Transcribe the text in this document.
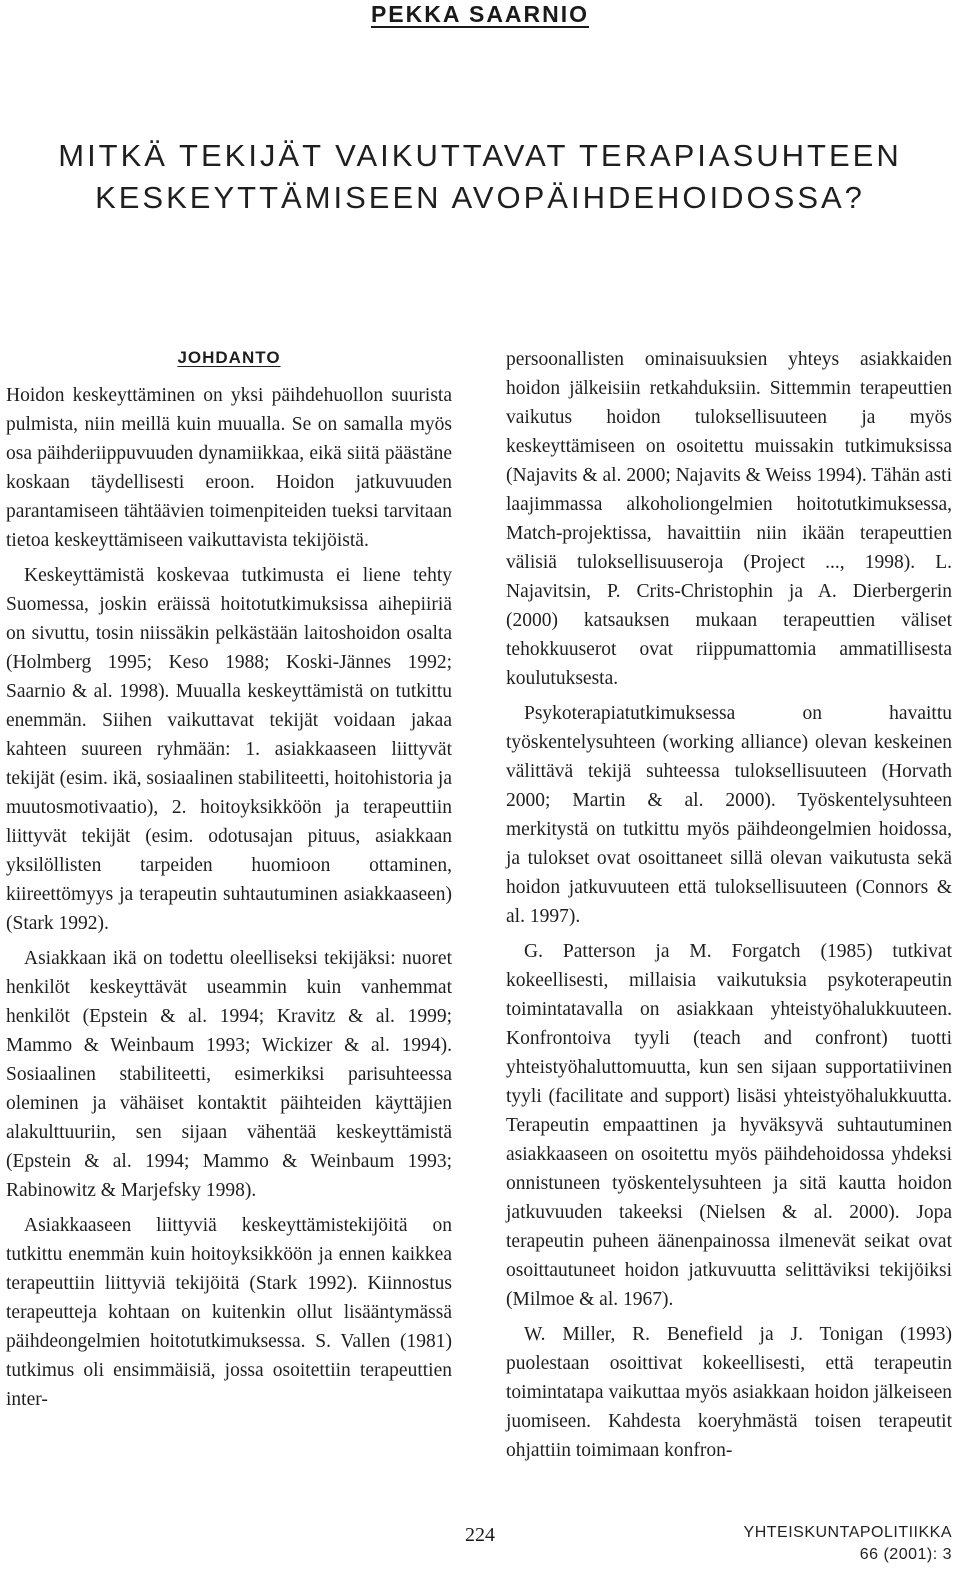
PEKKA SAARNIO
MITKÄ TEKIJÄT VAIKUTTAVAT TERAPIASUHTEEN
KESKEYTTÄMISEEN AVOPÄIHDEHOIDOSSA?
JOHDANTO

Hoidon keskeyttäminen on yksi päihdehuollon suurista pulmista, niin meillä kuin muualla. Se on samalla myös osa päihderiippuvuuden dynamiikkaa, eikä siitä päästäne koskaan täydellisesti eroon. Hoidon jatkuvuuden parantamiseen tähtäävien toimenpiteiden tueksi tarvitaan tietoa keskeyttämiseen vaikuttavista tekijöistä.

Keskeyttämistä koskevaa tutkimusta ei liene tehty Suomessa, joskin eräissä hoitotutkimuksissa aihepiiriä on sivuttu, tosin niissäkin pelkästään laitoshoidon osalta (Holmberg 1995; Keso 1988; Koski-Jännes 1992; Saarnio & al. 1998). Muualla keskeyttämistä on tutkittu enemmän. Siihen vaikuttavat tekijät voidaan jakaa kahteen suureen ryhmään: 1. asiakkaaseen liittyvät tekijät (esim. ikä, sosiaalinen stabiliteetti, hoitohistoria ja muutosmotivaatio), 2. hoitoyksikköön ja terapeuttiin liittyvät tekijät (esim. odotusajan pituus, asiakkaan yksilöllisten tarpeiden huomioon ottaminen, kiireettömyys ja terapeutin suhtautuminen asiakkaaseen) (Stark 1992).

Asiakkaan ikä on todettu oleelliseksi tekijäksi: nuoret henkilöt keskeyttävät useammin kuin vanhemmat henkilöt (Epstein & al. 1994; Kravitz & al. 1999; Mammo & Weinbaum 1993; Wickizer & al. 1994). Sosiaalinen stabiliteetti, esimerkiksi parisuhteessa oleminen ja vähäiset kontaktit päihteiden käyttäjien alakulttuuriin, sen sijaan vähentää keskeyttämistä (Epstein & al. 1994; Mammo & Weinbaum 1993; Rabinowitz & Marjefsky 1998).

Asiakkaaseen liittyviä keskeyttämistekijöitä on tutkittu enemmän kuin hoitoyksikköön ja ennen kaikkea terapeuttiin liittyviä tekijöitä (Stark 1992). Kiinnostus terapeutteja kohtaan on kuitenkin ollut lisääntymässä päihdeongelmien hoitotutkimuksessa. S. Vallen (1981) tutkimus oli ensimmäisiä, jossa osoitettiin terapeuttien inter-

persoonallisten ominaisuuksien yhteys asiakkaiden hoidon jälkeisiin retkahduksiin. Sittemmin terapeuttien vaikutus hoidon tuloksellisuuteen ja myös keskeyttämiseen on osoitettu muissakin tutkimuksissa (Najavits & al. 2000; Najavits & Weiss 1994). Tähän asti laajimmassa alkoholiongelmien hoitotutkimuksessa, Match-projektissa, havaittiin niin ikään terapeuttien välisiä tuloksellisuuseroja (Project ..., 1998). L. Najavitsin, P. Crits-Christophin ja A. Dierbergerin (2000) katsauksen mukaan terapeuttien väliset tehokkuuserot ovat riippumattomia ammatillisesta koulutuksesta.

Psykoterapiatutkimuksessa on havaittu työskentelysuhteen (working alliance) olevan keskeinen välittävä tekijä suhteessa tuloksellisuuteen (Horvath 2000; Martin & al. 2000). Työskentelysuhteen merkitystä on tutkittu myös päihdeongelmien hoidossa, ja tulokset ovat osoittaneet sillä olevan vaikutusta sekä hoidon jatkuvuuteen että tuloksellisuuteen (Connors & al. 1997).

G. Patterson ja M. Forgatch (1985) tutkivat kokeellisesti, millaisia vaikutuksia psykoterapeutin toimintatavalla on asiakkaan yhteistyöhalukkuuteen. Konfrontoiva tyyli (teach and confront) tuotti yhteistyöhaluttomuutta, kun sen sijaan supportatiivinen tyyli (facilitate and support) lisäsi yhteistyöhalukkuutta. Terapeutin empaattinen ja hyväksyvä suhtautuminen asiakkaaseen on osoitettu myös päihdehoidossa yhdeksi onnistuneen työskentelysuhteen ja sitä kautta hoidon jatkuvuuden takeeksi (Nielsen & al. 2000). Jopa terapeutin puheen äänenpainossa ilmenevät seikat ovat osoittautuneet hoidon jatkuvuutta selittäviksi tekijöiksi (Milmoe & al. 1967).

W. Miller, R. Benefield ja J. Tonigan (1993) puolestaan osoittivat kokeellisesti, että terapeutin toimintatapa vaikuttaa myös asiakkaan hoidon jälkeiseen juomiseen. Kahdesta koeryhmästä toisen terapeutit ohjattiin toimimaan konfron-

224	YHTEISKUNTAPOLITIIKKA
66 (2001): 3
